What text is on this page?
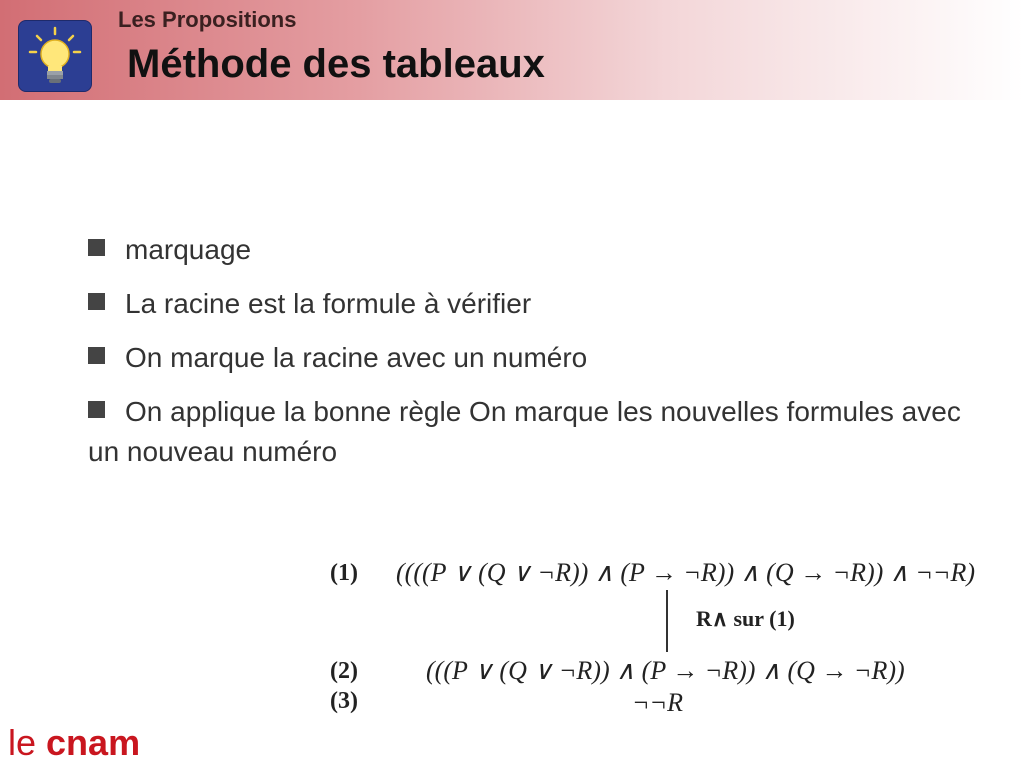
Les Propositions
Méthode des tableaux
marquage
La racine est la formule à vérifier
On marque la racine avec un numéro
On applique la bonne règle On marque les nouvelles formules avec un nouveau numéro
(1) ((((P ∨ (Q ∨ ¬R)) ∧ (P → ¬R)) ∧ (Q → ¬R)) ∧ ¬¬R)
R∧ sur (1)
(2)	(((P ∨ (Q ∨ ¬R)) ∧ (P → ¬R)) ∧ (Q → ¬R))
(3)	¬¬R
le cnam
